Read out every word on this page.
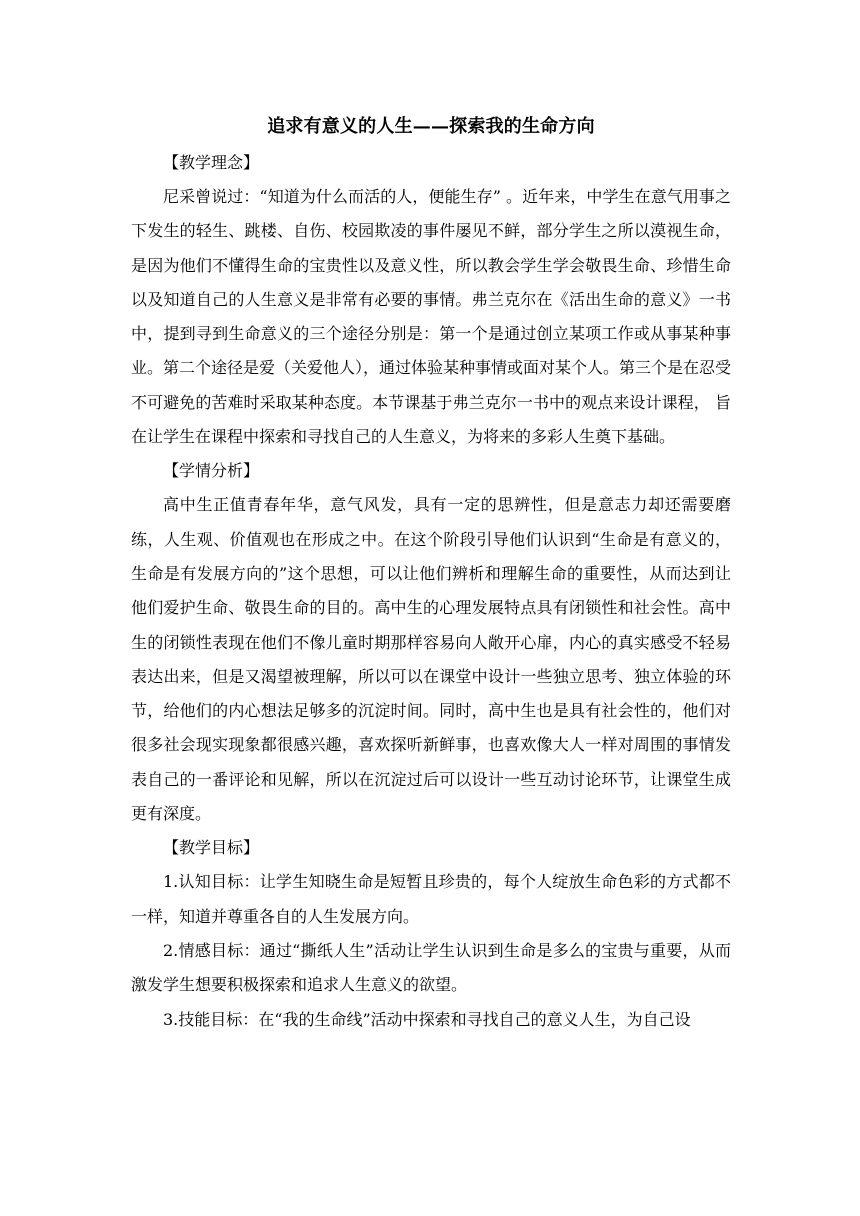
追求有意义的人生——探索我的生命方向

【教学理念】

尼采曾说过：“知道为什么而活的人，便能生存” 。近年来，中学生在意气用事之下发生的轻生、跳楼、自伤、校园欺凌的事件屡见不鲜，部分学生之所以漠视生命，是因为他们不懂得生命的宝贵性以及意义性，所以教会学生学会敬畏生命、珍惜生命以及知道自己的人生意义是非常有必要的事情。弗兰克尔在《活出生命的意义》一书中，提到寻到生命意义的三个途径分别是：第一个是通过创立某项工作或从事某种事业。第二个途径是爱（关爱他人），通过体验某种事情或面对某个人。第三个是在忍受不可避免的苦难时采取某种态度。本节课基于弗兰克尔一书中的观点来设计课程， 旨在让学生在课程中探索和寻找自己的人生意义，为将来的多彩人生奠下基础。

【学情分析】

高中生正值青春年华，意气风发，具有一定的思辨性，但是意志力却还需要磨练，人生观、价值观也在形成之中。在这个阶段引导他们认识到“生命是有意义的，生命是有发展方向的”这个思想，可以让他们辨析和理解生命的重要性，从而达到让他们爱护生命、敬畏生命的目的。高中生的心理发展特点具有闭锁性和社会性。高中生的闭锁性表现在他们不像儿童时期那样容易向人敞开心扉，内心的真实感受不轻易表达出来，但是又渴望被理解，所以可以在课堂中设计一些独立思考、独立体验的环节，给他们的内心想法足够多的沉淀时间。同时，高中生也是具有社会性的，他们对很多社会现实现象都很感兴趣，喜欢探听新鲜事，也喜欢像大人一样对周围的事情发表自己的一番评论和见解，所以在沉淀过后可以设计一些互动讨论环节，让课堂生成更有深度。

【教学目标】

1.认知目标：让学生知晓生命是短暂且珍贵的，每个人绽放生命色彩的方式都不一样，知道并尊重各自的人生发展方向。

2.情感目标：通过“撕纸人生”活动让学生认识到生命是多么的宝贵与重要，从而激发学生想要积极探索和追求人生意义的欲望。

3.技能目标：在“我的生命线”活动中探索和寻找自己的意义人生，为自己设
